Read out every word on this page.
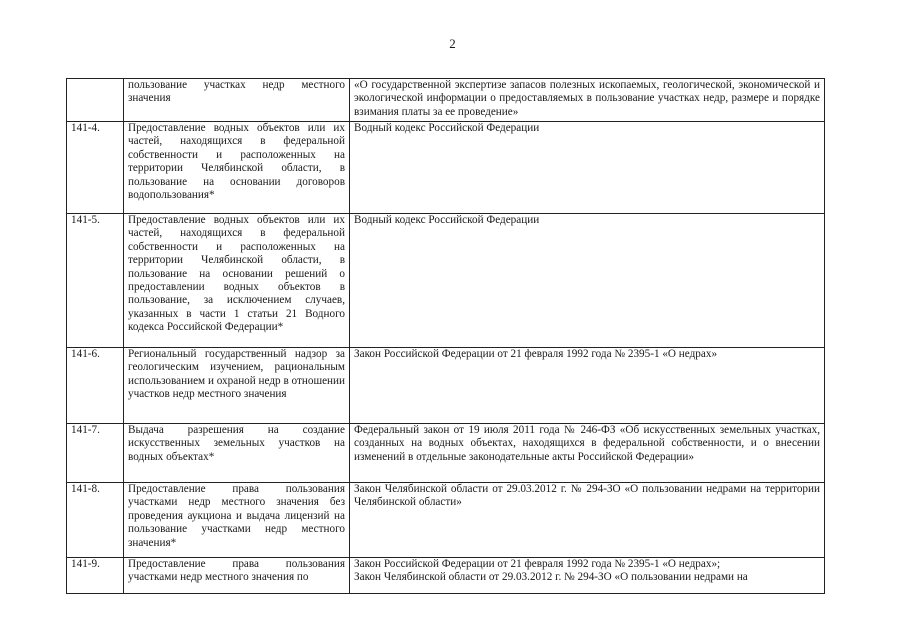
2
	пользование участках недр местного значения	«О государственной экспертизе запасов полезных ископаемых, геологической, экономической и экологической информации о предоставляемых в пользование участках недр, размере и порядке взимания платы за ее проведение»
141-4.	Предоставление водных объектов или их частей, находящихся в федеральной собственности и расположенных на территории Челябинской области, в пользование на основании договоров водопользования*	Водный кодекс Российской Федерации
141-5.	Предоставление водных объектов или их частей, находящихся в федеральной собственности и расположенных на территории Челябинской области, в пользование на основании решений о предоставлении водных объектов в пользование, за исключением случаев, указанных в части 1 статьи 21 Водного кодекса Российской Федерации*	Водный кодекс Российской Федерации
141-6.	Региональный государственный надзор за геологическим изучением, рациональным использованием и охраной недр в отношении участков недр местного значения	Закон Российской Федерации от 21 февраля 1992 года № 2395-1 «О недрах»
141-7.	Выдача разрешения на создание искусственных земельных участков на водных объектах*	Федеральный закон от 19 июля 2011 года № 246-ФЗ «Об искусственных земельных участках, созданных на водных объектах, находящихся в федеральной собственности, и о внесении изменений в отдельные законодательные акты Российской Федерации»
141-8.	Предоставление права пользования участками недр местного значения без проведения аукциона и выдача лицензий на пользование участками недр местного значения*	Закон Челябинской области от 29.03.2012 г. № 294-ЗО «О пользовании недрами на территории Челябинской области»
141-9.	Предоставление права пользования участками недр местного значения по	Закон Российской Федерации от 21 февраля 1992 года № 2395-1 «О недрах»;
Закон Челябинской области от 29.03.2012 г. № 294-ЗО «О пользовании недрами на
